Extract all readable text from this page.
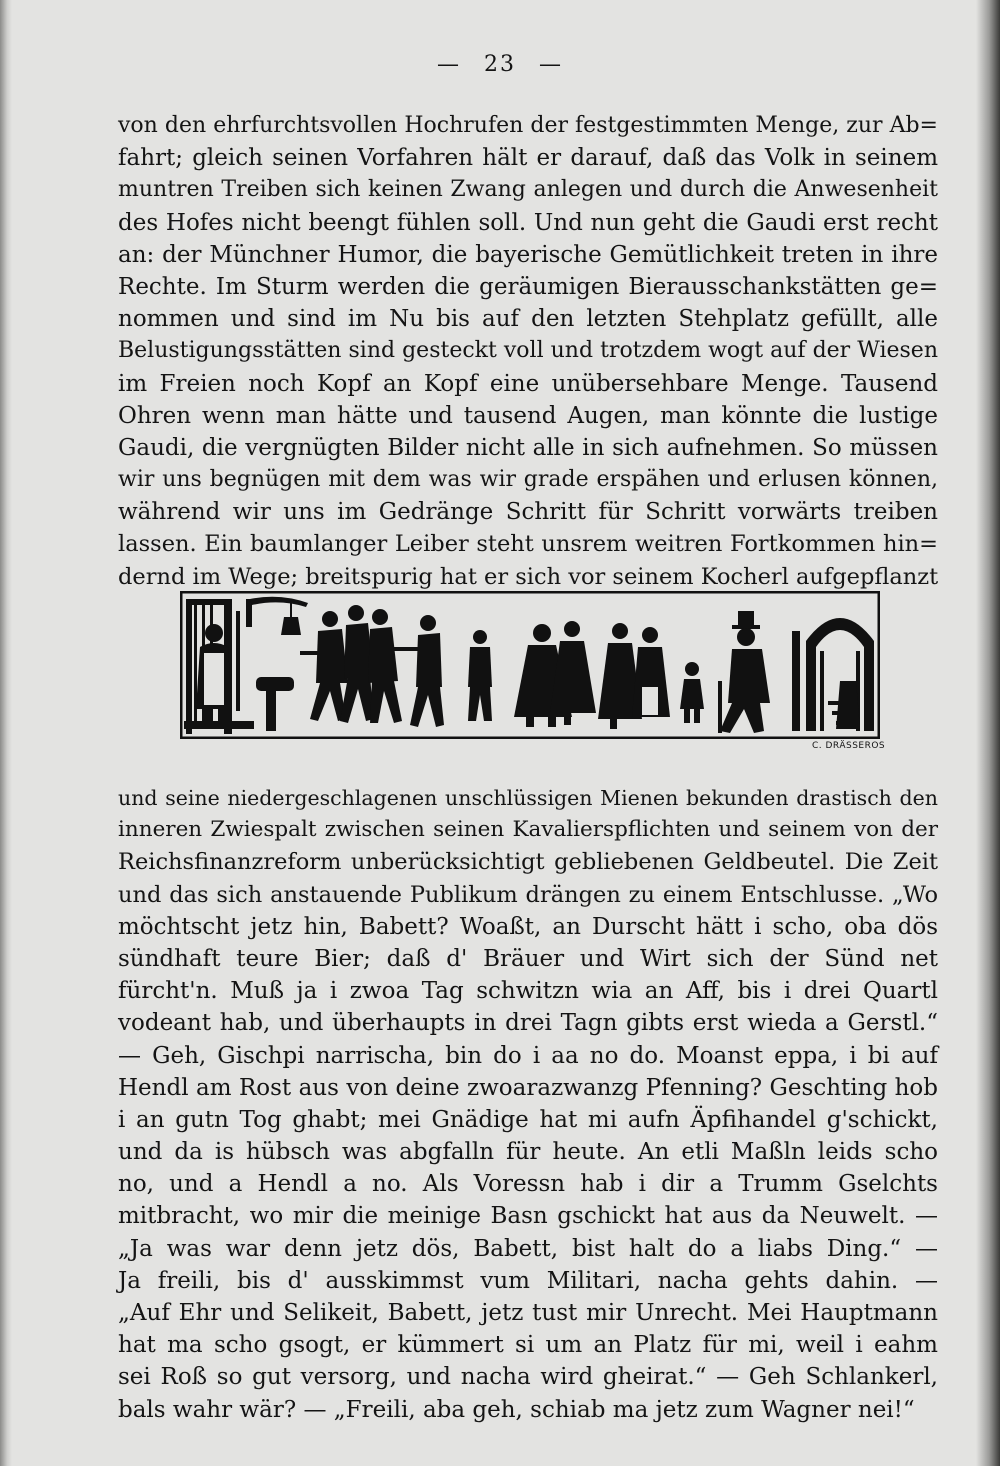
— 23 —
von den ehrfurchtsvollen Hochrufen der festgestimmten Menge, zur Ab=
fahrt; gleich seinen Vorfahren hält er darauf, daß das Volk in seinem
muntren Treiben sich keinen Zwang anlegen und durch die Anwesenheit
des Hofes nicht beengt fühlen soll. Und nun geht die Gaudi erst recht
an: der Münchner Humor, die bayerische Gemütlichkeit treten in ihre
Rechte. Im Sturm werden die geräumigen Bierausschankstätten ge=
nommen und sind im Nu bis auf den letzten Stehplatz gefüllt, alle
Belustigungsstätten sind gesteckt voll und trotzdem wogt auf der Wiesen
im Freien noch Kopf an Kopf eine unübersehbare Menge. Tausend
Ohren wenn man hätte und tausend Augen, man könnte die lustige
Gaudi, die vergnügten Bilder nicht alle in sich aufnehmen. So müssen
wir uns begnügen mit dem was wir grade erspähen und erlusen können,
während wir uns im Gedränge Schritt für Schritt vorwärts treiben
lassen. Ein baumlanger Leiber steht unsrem weitren Fortkommen hin=
dernd im Wege; breitspurig hat er sich vor seinem Kocherl aufgepflanzt
C. DRÄSSEROS
und seine niedergeschlagenen unschlüssigen Mienen bekunden drastisch den
inneren Zwiespalt zwischen seinen Kavalierspflichten und seinem von der
Reichsfinanzreform unberücksichtigt gebliebenen Geldbeutel. Die Zeit
und das sich anstauende Publikum drängen zu einem Entschlusse. „Wo
möchtscht jetz hin, Babett? Woaßt, an Durscht hätt i scho, oba dös
sündhaft teure Bier; daß d' Bräuer und Wirt sich der Sünd net
fürcht'n. Muß ja i zwoa Tag schwitzn wia an Aff, bis i drei Quartl
vodeant hab, und überhaupts in drei Tagn gibts erst wieda a Gerstl.“
— Geh, Gischpi narrischa, bin do i aa no do. Moanst eppa, i bi auf
Hendl am Rost aus von deine zwoarazwanzg Pfenning? Geschting hob
i an gutn Tog ghabt; mei Gnädige hat mi aufn Äpfihandel g'schickt,
und da is hübsch was abgfalln für heute. An etli Maßln leids scho
no, und a Hendl a no. Als Voressn hab i dir a Trumm Gselchts
mitbracht, wo mir die meinige Basn gschickt hat aus da Neuwelt. —
„Ja was war denn jetz dös, Babett, bist halt do a liabs Ding.“ —
Ja freili, bis d' ausskimmst vum Militari, nacha gehts dahin. —
„Auf Ehr und Selikeit, Babett, jetz tust mir Unrecht. Mei Hauptmann
hat ma scho gsogt, er kümmert si um an Platz für mi, weil i eahm
sei Roß so gut versorg, und nacha wird gheirat.“ — Geh Schlankerl,
bals wahr wär? — „Freili, aba geh, schiab ma jetz zum Wagner nei!“
